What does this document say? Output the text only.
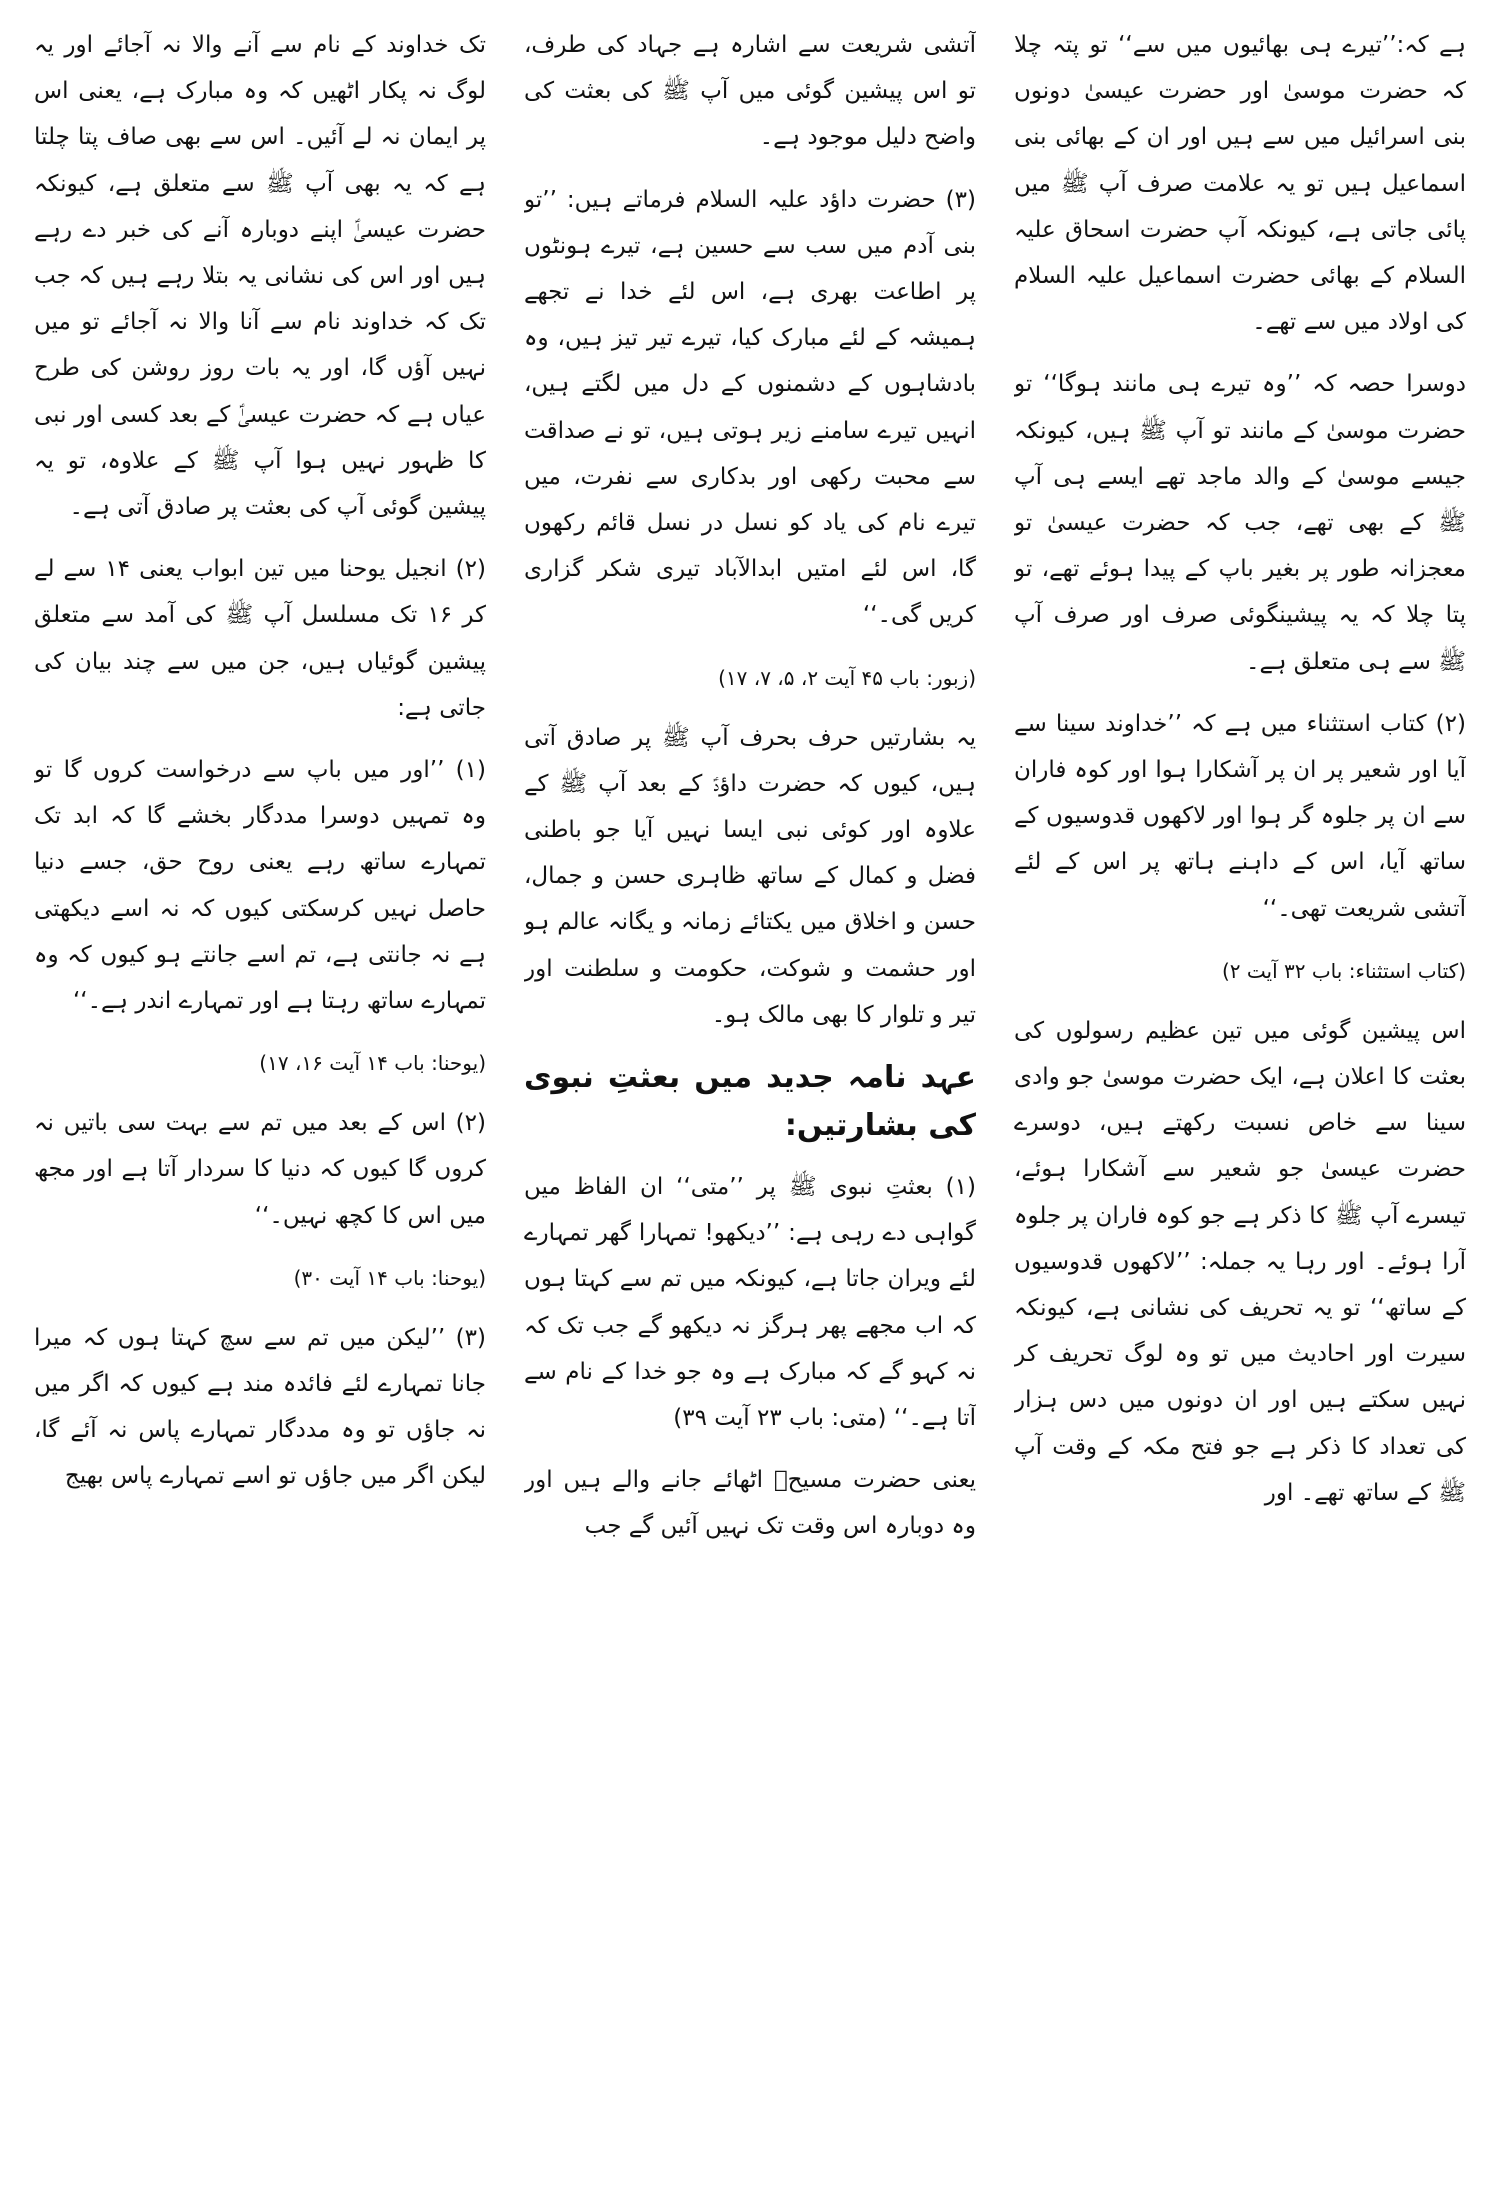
ہے کہ:’’تیرے ہی بھائیوں میں سے‘‘ تو پتہ چلا کہ حضرت موسیٰ اور حضرت عیسیٰ دونوں بنی اسرائیل میں سے ہیں اور ان کے بھائی بنی اسماعیل ہیں تو یہ علامت صرف آپ ﷺ میں پائی جاتی ہے، کیونکہ آپ حضرت اسحاق علیہ السلام کے بھائی حضرت اسماعیل علیہ السلام کی اولاد میں سے تھے۔

دوسرا حصہ کہ ’’وہ تیرے ہی مانند ہوگا‘‘ تو حضرت موسیٰ کے مانند تو آپ ﷺ ہیں، کیونکہ جیسے موسیٰ کے والد ماجد تھے ایسے ہی آپ ﷺ کے بھی تھے، جب کہ حضرت عیسیٰ تو معجزانہ طور پر بغیر باپ کے پیدا ہوئے تھے، تو پتا چلا کہ یہ پیشینگوئی صرف اور صرف آپ ﷺ سے ہی متعلق ہے۔

(۲) کتاب استثناء میں ہے کہ ’’خداوند سینا سے آیا اور شعیر پر ان پر آشکارا ہوا اور کوہ فاران سے ان پر جلوہ گر ہوا اور لاکھوں قدوسیوں کے ساتھ آیا، اس کے داہنے ہاتھ پر اس کے لئے آتشی شریعت تھی۔‘‘

(کتاب استثناء: باب ۳۲ آیت ۲)

اس پیشین گوئی میں تین عظیم رسولوں کی بعثت کا اعلان ہے، ایک حضرت موسیٰ جو وادی سینا سے خاص نسبت رکھتے ہیں، دوسرے حضرت عیسیٰ جو شعیر سے آشکارا ہوئے، تیسرے آپ ﷺ کا ذکر ہے جو کوہ فاران پر جلوہ آرا ہوئے۔ اور رہا یہ جملہ: ’’لاکھوں قدوسیوں کے ساتھ‘‘ تو یہ تحریف کی نشانی ہے، کیونکہ سیرت اور احادیث میں تو وہ لوگ تحریف کر نہیں سکتے ہیں اور ان دونوں میں دس ہزار کی تعداد کا ذکر ہے جو فتح مکہ کے وقت آپ ﷺ کے ساتھ تھے۔ اور

آتشی شریعت سے اشارہ ہے جہاد کی طرف، تو اس پیشین گوئی میں آپ ﷺ کی بعثت کی واضح دلیل موجود ہے۔

(۳) حضرت داؤد علیہ السلام فرماتے ہیں: ’’تو بنی آدم میں سب سے حسین ہے، تیرے ہونٹوں پر اطاعت بھری ہے، اس لئے خدا نے تجھے ہمیشہ کے لئے مبارک کیا، تیرے تیر تیز ہیں، وہ بادشاہوں کے دشمنوں کے دل میں لگتے ہیں، انہیں تیرے سامنے زیر ہوتی ہیں، تو نے صداقت سے محبت رکھی اور بدکاری سے نفرت، میں تیرے نام کی یاد کو نسل در نسل قائم رکھوں گا، اس لئے امتیں ابدالآباد تیری شکر گزاری کریں گی۔‘‘

(زبور: باب ۴۵ آیت ۲، ۵، ۷، ۱۷)

یہ بشارتیں حرف بحرف آپ ﷺ پر صادق آتی ہیں، کیوں کہ حضرت داؤدؑ کے بعد آپ ﷺ کے علاوہ اور کوئی نبی ایسا نہیں آیا جو باطنی فضل و کمال کے ساتھ ظاہری حسن و جمال، حسن و اخلاق میں یکتائے زمانہ و یگانہ عالم ہو اور حشمت و شوکت، حکومت و سلطنت اور تیر و تلوار کا بھی مالک ہو۔

عہد نامہ جدید میں بعثتِ نبوی کی بشارتیں:

(۱) بعثتِ نبوی ﷺ پر ’’متی‘‘ ان الفاظ میں گواہی دے رہی ہے: ’’دیکھو! تمہارا گھر تمہارے لئے ویران جاتا ہے، کیونکہ میں تم سے کہتا ہوں کہ اب مجھے پھر ہرگز نہ دیکھو گے جب تک کہ نہ کہو گے کہ مبارک ہے وہ جو خدا کے نام سے آتا ہے۔‘‘ (متی: باب ۲۳ آیت ۳۹)

یعنی حضرت مسیحؑ اٹھائے جانے والے ہیں اور وہ دوبارہ اس وقت تک نہیں آئیں گے جب

تک خداوند کے نام سے آنے والا نہ آجائے اور یہ لوگ نہ پکار اٹھیں کہ وہ مبارک ہے، یعنی اس پر ایمان نہ لے آئیں۔ اس سے بھی صاف پتا چلتا ہے کہ یہ بھی آپ ﷺ سے متعلق ہے، کیونکہ حضرت عیسیٰؑ اپنے دوبارہ آنے کی خبر دے رہے ہیں اور اس کی نشانی یہ بتلا رہے ہیں کہ جب تک کہ خداوند نام سے آنا والا نہ آجائے تو میں نہیں آؤں گا، اور یہ بات روز روشن کی طرح عیاں ہے کہ حضرت عیسیٰؑ کے بعد کسی اور نبی کا ظہور نہیں ہوا آپ ﷺ کے علاوہ، تو یہ پیشین گوئی آپ کی بعثت پر صادق آتی ہے۔

(۲) انجیل یوحنا میں تین ابواب یعنی ۱۴ سے لے کر ۱۶ تک مسلسل آپ ﷺ کی آمد سے متعلق پیشین گوئیاں ہیں، جن میں سے چند بیان کی جاتی ہے:

(۱) ’’اور میں باپ سے درخواست کروں گا تو وہ تمہیں دوسرا مددگار بخشے گا کہ ابد تک تمہارے ساتھ رہے یعنی روح حق، جسے دنیا حاصل نہیں کرسکتی کیوں کہ نہ اسے دیکھتی ہے نہ جانتی ہے، تم اسے جانتے ہو کیوں کہ وہ تمہارے ساتھ رہتا ہے اور تمہارے اندر ہے۔‘‘

(یوحنا: باب ۱۴ آیت ۱۶، ۱۷)

(۲) اس کے بعد میں تم سے بہت سی باتیں نہ کروں گا کیوں کہ دنیا کا سردار آتا ہے اور مجھ میں اس کا کچھ نہیں۔‘‘

(یوحنا: باب ۱۴ آیت ۳۰)

(۳) ’’لیکن میں تم سے سچ کہتا ہوں کہ میرا جانا تمہارے لئے فائدہ مند ہے کیوں کہ اگر میں نہ جاؤں تو وہ مددگار تمہارے پاس نہ آئے گا، لیکن اگر میں جاؤں تو اسے تمہارے پاس بھیج
